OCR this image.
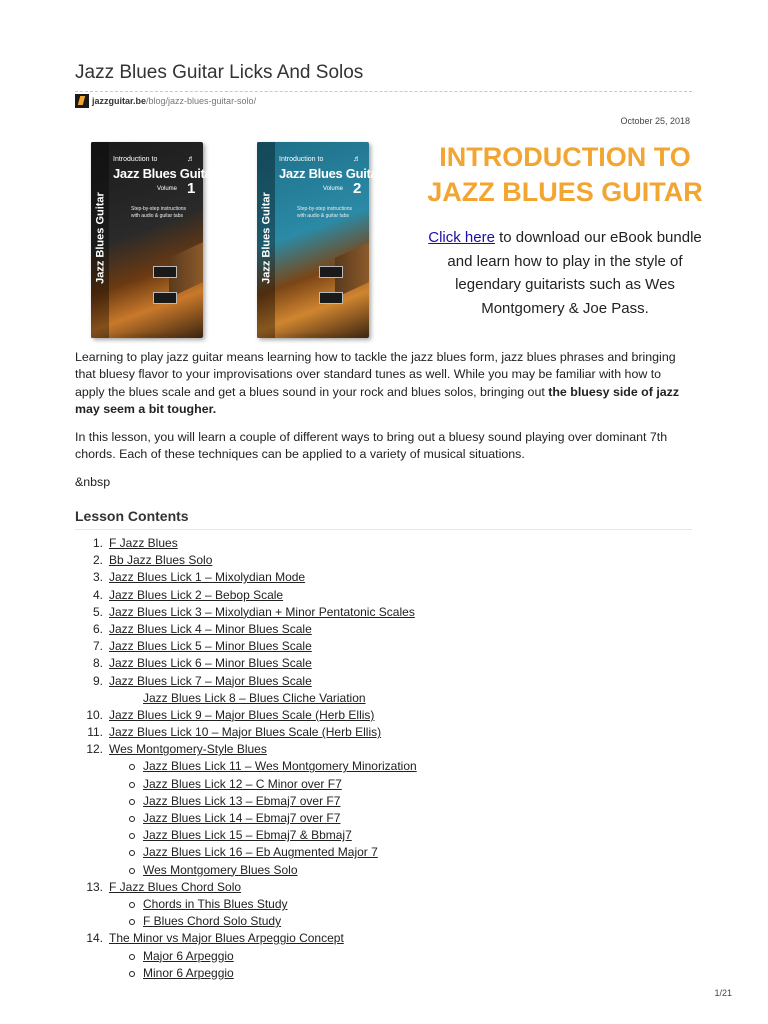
Jazz Blues Guitar Licks And Solos
jazzguitar.be /blog/jazz-blues-guitar-solo/
October 25, 2018
Jazz Blues Guitar
Introduction to	♬
Jazz Blues Guitar
Volume 1
Step-by-step instructions with audio & guitar tabs	Jazz Blues Guitar
Introduction to	♬
Jazz Blues Guitar
Volume 2
Step-by-step instructions with audio & guitar tabs
INTRODUCTION TO
JAZZ BLUES GUITAR
Click here to download our eBook bundle and learn how to play in the style of legendary guitarists such as Wes Montgomery & Joe Pass.

Learning to play jazz guitar means learning how to tackle the jazz blues form, jazz blues phrases and bringing that bluesy flavor to your improvisations over standard tunes as well. While you may be familiar with how to apply the blues scale and get a blues sound in your rock and blues solos, bringing out the bluesy side of jazz may seem a bit tougher.

In this lesson, you will learn a couple of different ways to bring out a bluesy sound playing over dominant 7th chords. Each of these techniques can be applied to a variety of musical situations.

&nbsp

Lesson Contents
1. F Jazz Blues
2. Bb Jazz Blues Solo
3. Jazz Blues Lick 1 – Mixolydian Mode
4. Jazz Blues Lick 2 – Bebop Scale
5. Jazz Blues Lick 3 – Mixolydian + Minor Pentatonic Scales
6. Jazz Blues Lick 4 – Minor Blues Scale
7. Jazz Blues Lick 5 – Minor Blues Scale
8. Jazz Blues Lick 6 – Minor Blues Scale
9. Jazz Blues Lick 7 – Major Blues Scale
Jazz Blues Lick 8 – Blues Cliche Variation
10. Jazz Blues Lick 9 – Major Blues Scale (Herb Ellis)
11. Jazz Blues Lick 10 – Major Blues Scale (Herb Ellis)
12. Wes Montgomery-Style Blues
Jazz Blues Lick 11 – Wes Montgomery Minorization
Jazz Blues Lick 12 – C Minor over F7
Jazz Blues Lick 13 – Ebmaj7 over F7
Jazz Blues Lick 14 – Ebmaj7 over F7
Jazz Blues Lick 15 – Ebmaj7 & Bbmaj7
Jazz Blues Lick 16 – Eb Augmented Major 7
Wes Montgomery Blues Solo
13. F Jazz Blues Chord Solo
Chords in This Blues Study
F Blues Chord Solo Study
14. The Minor vs Major Blues Arpeggio Concept
Major 6 Arpeggio
Minor 6 Arpeggio
1/21
